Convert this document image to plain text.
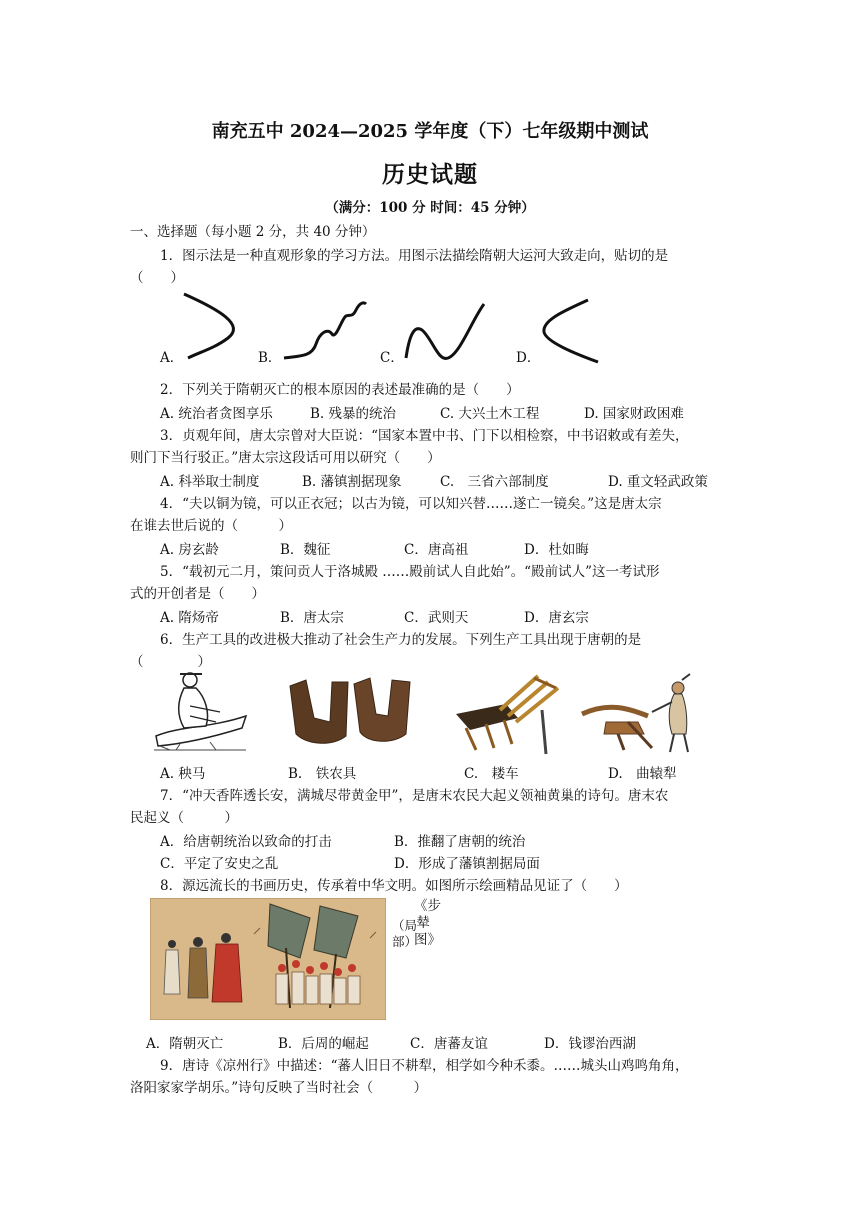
南充五中 2024—2025 学年度（下）七年级期中测试
历史试题
（满分：100 分 时间：45 分钟）
一、选择题（每小题 2 分，共 40 分钟）
1．图示法是一种直观形象的学习方法。用图示法描绘隋朝大运河大致走向，贴切的是
（　　）
A．	B．	C．	D．
2．下列关于隋朝灭亡的根本原因的表述最准确的是（　　）
A. 统治者贪图享乐	B. 残暴的统治	C. 大兴土木工程	D. 国家财政困难
3．贞观年间，唐太宗曾对大臣说：“国家本置中书、门下以相检察，中书诏敕或有差失，
则门下当行驳正。”唐太宗这段话可用以研究（　　）
A. 科举取士制度	B. 藩镇割据现象	C.　三省六部制度	D. 重文轻武政策
4．“夫以铜为镜，可以正衣冠；以古为镜，可以知兴替……遂亡一镜矣。”这是唐太宗
在谁去世后说的（　　　）
A. 房玄龄	B．魏征	C．唐高祖	D．杜如晦
5．“载初元二月，策问贡人于洛城殿 ……殿前试人自此始”。“殿前试人”这一考试形
式的开创者是（　　）
A. 隋炀帝	B．唐太宗	C．武则天	D．唐玄宗
6．生产工具的改进极大推动了社会生产力的发展。下列生产工具出现于唐朝的是
（　　　　）
A. 秧马	B.　铁农具	C.　耧车	D.　曲辕犁
7．“冲天香阵透长安，满城尽带黄金甲”，是唐末农民大起义领袖黄巢的诗句。唐末农
民起义（　　　）
A．给唐朝统治以致命的打击	B．推翻了唐朝的统治
C．平定了安史之乱	D．形成了藩镇割据局面
8．源远流长的书画历史，传承着中华文明。如图所示绘画精品见证了（　　）
《步辇图》
（局部）
A．隋朝灭亡	B．后周的崛起	C．唐蕃友谊	D．钱谬治西湖
9．唐诗《凉州行》中描述：“蕃人旧日不耕犁，相学如今种禾黍。……城头山鸡鸣角角，
洛阳家家学胡乐。”诗句反映了当时社会（　　　）
